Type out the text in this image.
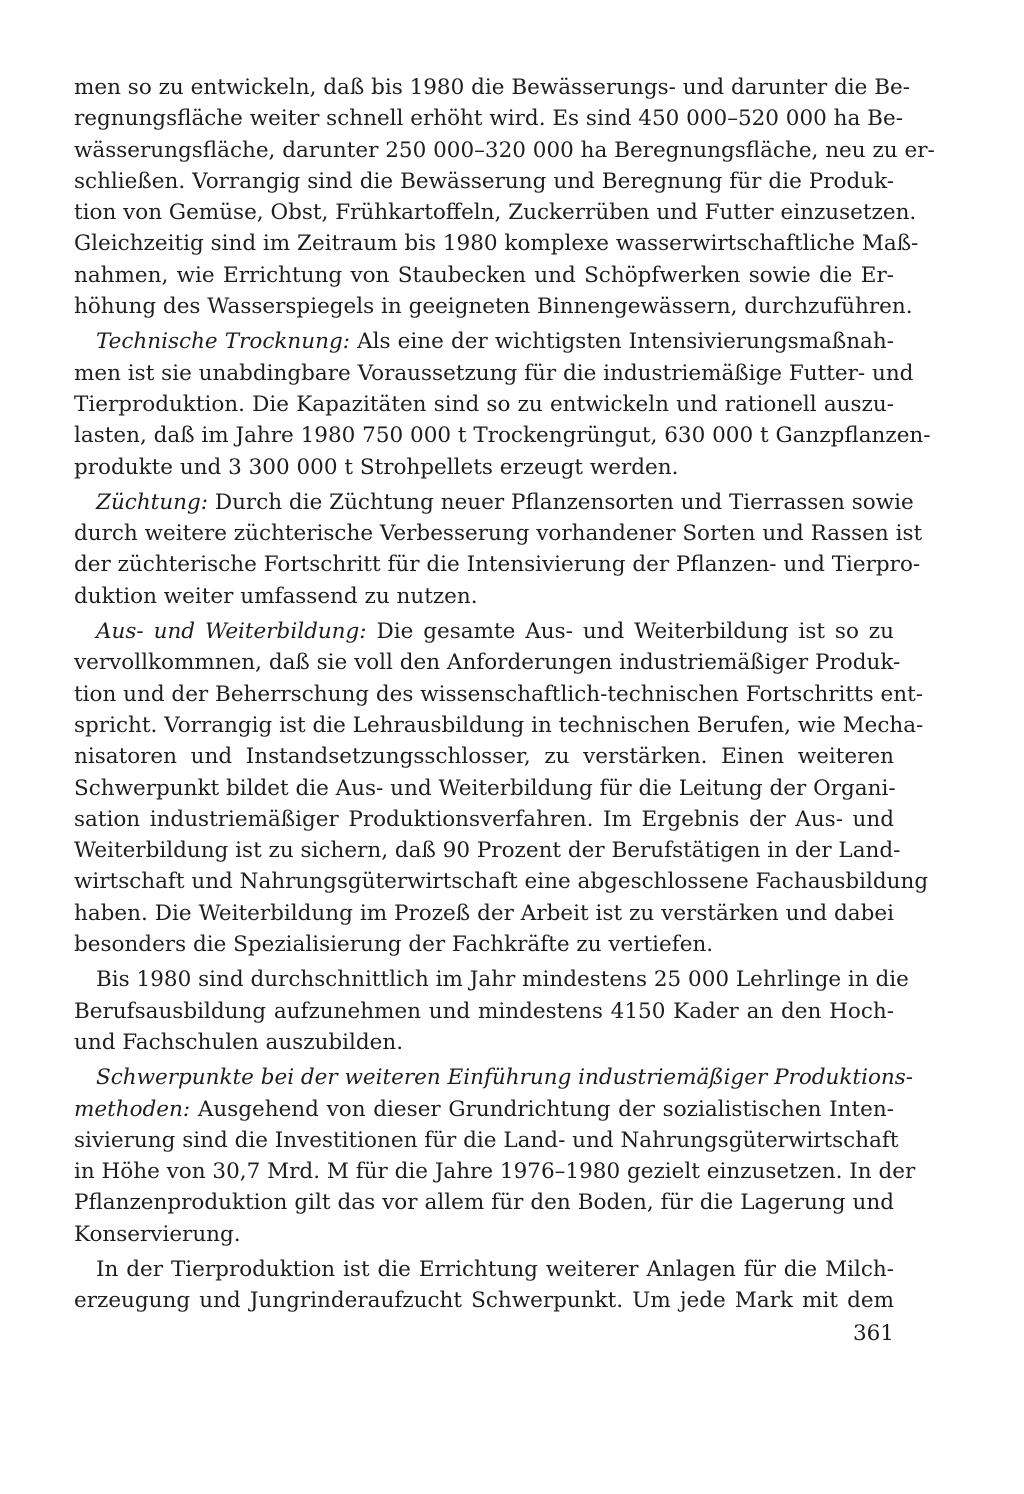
men so zu entwickeln, daß bis 1980 die Bewässerungs- und darunter die Be-
regnungsfläche weiter schnell erhöht wird. Es sind 450 000–520 000 ha Be-
wässerungsfläche, darunter 250 000–320 000 ha Beregnungsfläche, neu zu er-
schließen. Vorrangig sind die Bewässerung und Beregnung für die Produk-
tion von Gemüse, Obst, Frühkartoffeln, Zuckerrüben und Futter einzusetzen.
Gleichzeitig sind im Zeitraum bis 1980 komplexe wasserwirtschaftliche Maß-
nahmen, wie Errichtung von Staubecken und Schöpfwerken sowie die Er-
höhung des Wasserspiegels in geeigneten Binnengewässern, durchzuführen.
Technische Trocknung: Als eine der wichtigsten Intensivierungsmaßnah-
men ist sie unabdingbare Voraussetzung für die industriemäßige Futter- und
Tierproduktion. Die Kapazitäten sind so zu entwickeln und rationell auszu-
lasten, daß im Jahre 1980 750 000 t Trockengrüngut, 630 000 t Ganzpflanzen-
produkte und 3 300 000 t Strohpellets erzeugt werden.
Züchtung: Durch die Züchtung neuer Pflanzensorten und Tierrassen sowie
durch weitere züchterische Verbesserung vorhandener Sorten und Rassen ist
der züchterische Fortschritt für die Intensivierung der Pflanzen- und Tierpro-
duktion weiter umfassend zu nutzen.
Aus- und Weiterbildung: Die gesamte Aus- und Weiterbildung ist so zu
vervollkommnen, daß sie voll den Anforderungen industriemäßiger Produk-
tion und der Beherrschung des wissenschaftlich-technischen Fortschritts ent-
spricht. Vorrangig ist die Lehrausbildung in technischen Berufen, wie Mecha-
nisatoren und Instandsetzungsschlosser, zu verstärken. Einen weiteren
Schwerpunkt bildet die Aus- und Weiterbildung für die Leitung der Organi-
sation industriemäßiger Produktionsverfahren. Im Ergebnis der Aus- und
Weiterbildung ist zu sichern, daß 90 Prozent der Berufstätigen in der Land-
wirtschaft und Nahrungsgüterwirtschaft eine abgeschlossene Fachausbildung
haben. Die Weiterbildung im Prozeß der Arbeit ist zu verstärken und dabei
besonders die Spezialisierung der Fachkräfte zu vertiefen.
Bis 1980 sind durchschnittlich im Jahr mindestens 25 000 Lehrlinge in die
Berufsausbildung aufzunehmen und mindestens 4150 Kader an den Hoch-
und Fachschulen auszubilden.
Schwerpunkte bei der weiteren Einführung industriemäßiger Produktions-
methoden: Ausgehend von dieser Grundrichtung der sozialistischen Inten-
sivierung sind die Investitionen für die Land- und Nahrungsgüterwirtschaft
in Höhe von 30,7 Mrd. M für die Jahre 1976–1980 gezielt einzusetzen. In der
Pflanzenproduktion gilt das vor allem für den Boden, für die Lagerung und
Konservierung.
In der Tierproduktion ist die Errichtung weiterer Anlagen für die Milch-
erzeugung und Jungrinderaufzucht Schwerpunkt. Um jede Mark mit dem
361
